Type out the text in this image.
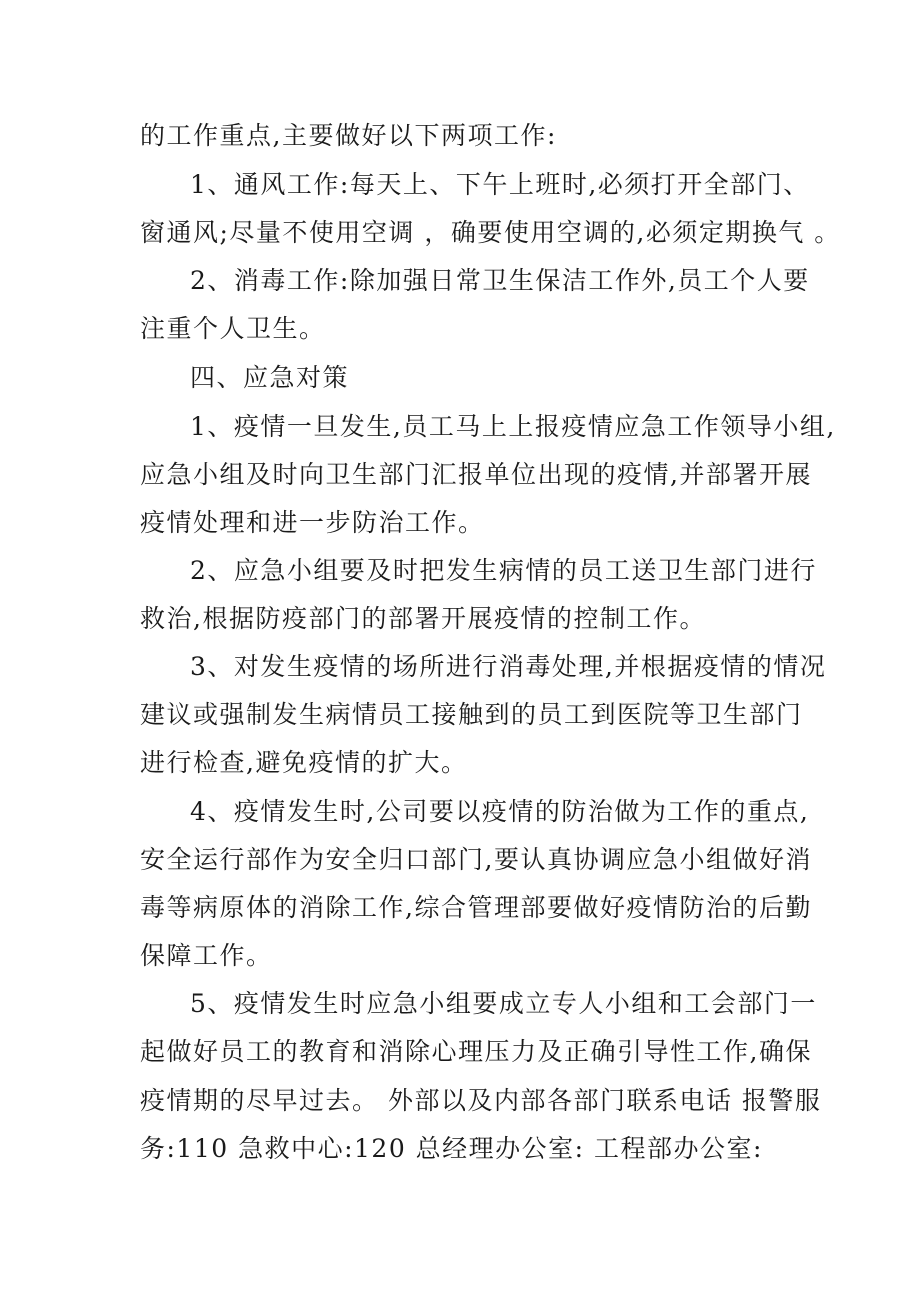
的工作重点,主要做好以下两项工作:
1、通风工作:每天上、下午上班时,必须打开全部门、
窗通风;尽量不使用空调 ，确要使用空调的,必须定期换气 。
2、消毒工作:除加强日常卫生保洁工作外,员工个人要
注重个人卫生。
四、应急对策
1、疫情一旦发生,员工马上上报疫情应急工作领导小组,
应急小组及时向卫生部门汇报单位出现的疫情,并部署开展
疫情处理和进一步防治工作。
2、应急小组要及时把发生病情的员工送卫生部门进行
救治,根据防疫部门的部署开展疫情的控制工作。
3、对发生疫情的场所进行消毒处理,并根据疫情的情况
建议或强制发生病情员工接触到的员工到医院等卫生部门
进行检查,避免疫情的扩大。
4、疫情发生时,公司要以疫情的防治做为工作的重点,
安全运行部作为安全归口部门,要认真协调应急小组做好消
毒等病原体的消除工作,综合管理部要做好疫情防治的后勤
保障工作。
5、疫情发生时应急小组要成立专人小组和工会部门一
起做好员工的教育和消除心理压力及正确引导性工作,确保
疫情期的尽早过去。 外部以及内部各部门联系电话 报警服
务:110 急救中心:120 总经理办公室: 工程部办公室:
